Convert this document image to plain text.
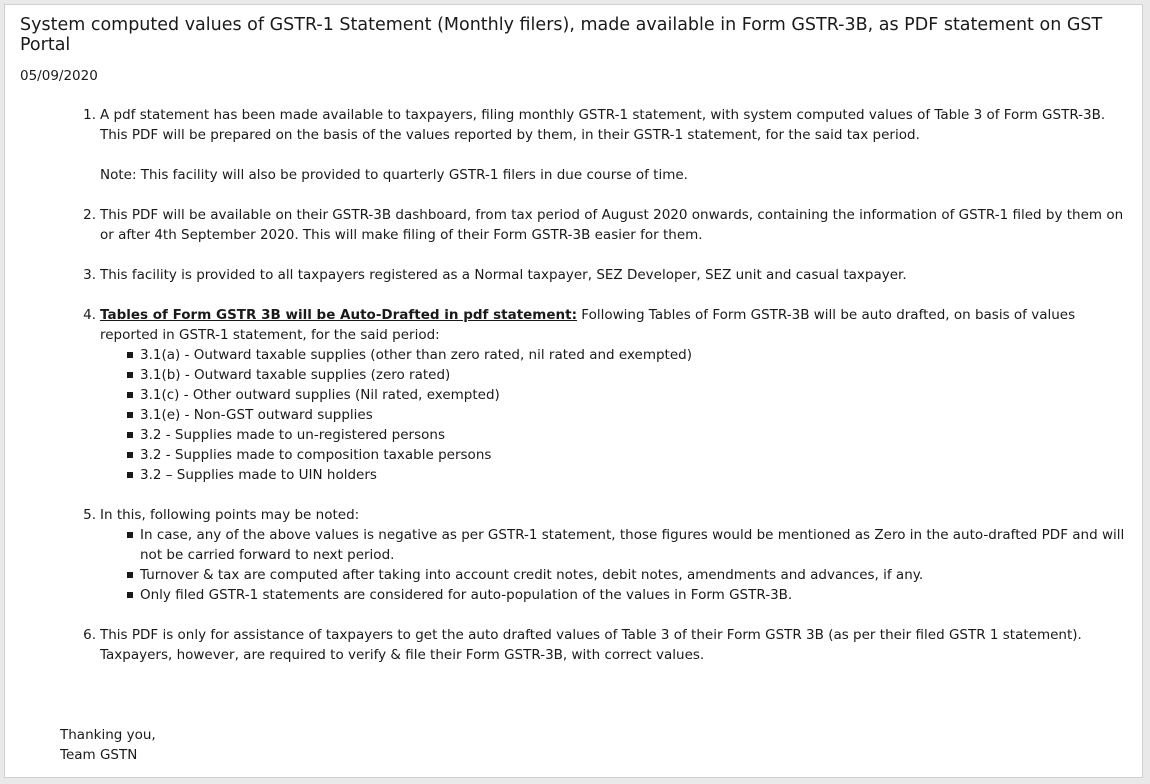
System computed values of GSTR-1 Statement (Monthly filers), made available in Form GSTR-3B, as PDF statement on GST Portal
05/09/2020
1. A pdf statement has been made available to taxpayers, filing monthly GSTR-1 statement, with system computed values of Table 3 of Form GSTR-3B. This PDF will be prepared on the basis of the values reported by them, in their GSTR-1 statement, for the said tax period.
Note: This facility will also be provided to quarterly GSTR-1 filers in due course of time.
2. This PDF will be available on their GSTR-3B dashboard, from tax period of August 2020 onwards, containing the information of GSTR-1 filed by them on or after 4th September 2020. This will make filing of their Form GSTR-3B easier for them.
3. This facility is provided to all taxpayers registered as a Normal taxpayer, SEZ Developer, SEZ unit and casual taxpayer.
4. Tables of Form GSTR 3B will be Auto-Drafted in pdf statement: Following Tables of Form GSTR-3B will be auto drafted, on basis of values reported in GSTR-1 statement, for the said period:
3.1(a) - Outward taxable supplies (other than zero rated, nil rated and exempted)
3.1(b) - Outward taxable supplies (zero rated)
3.1(c) - Other outward supplies (Nil rated, exempted)
3.1(e) - Non-GST outward supplies
3.2 - Supplies made to un-registered persons
3.2 - Supplies made to composition taxable persons
3.2 – Supplies made to UIN holders
5. In this, following points may be noted:
In case, any of the above values is negative as per GSTR-1 statement, those figures would be mentioned as Zero in the auto-drafted PDF and will not be carried forward to next period.
Turnover & tax are computed after taking into account credit notes, debit notes, amendments and advances, if any.
Only filed GSTR-1 statements are considered for auto-population of the values in Form GSTR-3B.
6. This PDF is only for assistance of taxpayers to get the auto drafted values of Table 3 of their Form GSTR 3B (as per their filed GSTR 1 statement). Taxpayers, however, are required to verify & file their Form GSTR-3B, with correct values.
Thanking you,
Team GSTN
